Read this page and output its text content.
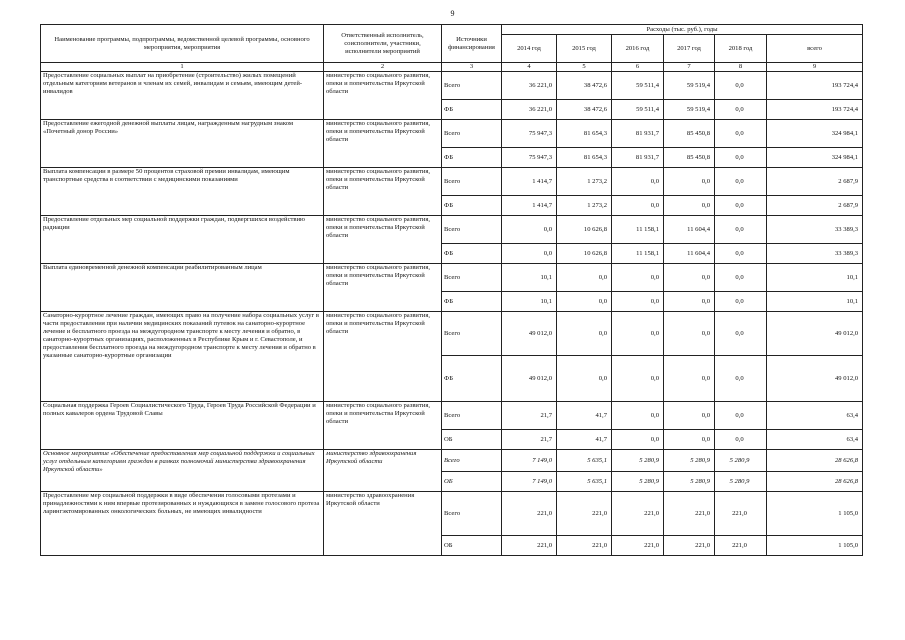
9
Наименование программы, подпрограммы, ведомственной целевой программы, основного мероприятия, мероприятия	Ответственный исполнитель, соисполнители, участники, исполнители мероприятий	Источники финансирования	Расходы (тыс. руб.), годы					
			2014 год	2015 год	2016 год	2017 год	2018 год	всего
1	2	3	4	5	6	7	8	9
Предоставление социальных выплат на приобретение (строительство) жилых помещений отдельным категориям ветеранов и членам их семей, инвалидам и семьям, имеющим детей-инвалидов	министерство социального развития, опеки и попечительства Иркутской области	Всего	36 221,0	38 472,6	59 511,4	59 519,4	0,0	193 724,4
		ФБ	36 221,0	38 472,6	59 511,4	59 519,4	0,0	193 724,4
Предоставление ежегодной денежной выплаты лицам, награжденным нагрудным знаком «Почетный донор России»	министерство социального развития, опеки и попечительства Иркутской области	Всего	75 947,3	81 654,3	81 931,7	85 450,8	0,0	324 984,1
		ФБ	75 947,3	81 654,3	81 931,7	85 450,8	0,0	324 984,1
Выплата компенсации в размере 50 процентов страховой премии инвалидам, имеющим транспортные средства в соответствии с медицинскими показаниями	министерство социального развития, опеки и попечительства Иркутской области	Всего	1 414,7	1 273,2	0,0	0,0	0,0	2 687,9
		ФБ	1 414,7	1 273,2	0,0	0,0	0,0	2 687,9
Предоставление отдельных мер социальной поддержки граждан, подвергшихся воздействию радиации	министерство социального развития, опеки и попечительства Иркутской области	Всего	0,0	10 626,8	11 158,1	11 604,4	0,0	33 389,3
		ФБ	0,0	10 626,8	11 158,1	11 604,4	0,0	33 389,3
Выплата единовременной денежной компенсации реабилитированным лицам	министерство социального развития, опеки и попечительства Иркутской области	Всего	10,1	0,0	0,0	0,0	0,0	10,1
		ФБ	10,1	0,0	0,0	0,0	0,0	10,1
Санаторно-курортное лечение граждан, имеющих право на получение набора социальных услуг в части предоставления при наличии медицинских показаний путевок на санаторно-курортное лечение и бесплатного проезда на междугородном транспорте к месту лечения и обратно, в санаторно-курортных организациях, расположенных в Республике Крым и г. Севастополе, и предоставления бесплатного проезда на междугородном транспорте к месту лечения и обратно в указанные санаторно-курортные организации	министерство социального развития, опеки и попечительства Иркутской области	Всего	49 012,0	0,0	0,0	0,0	0,0	49 012,0
		ФБ	49 012,0	0,0	0,0	0,0	0,0	49 012,0
Социальная поддержка Героев Социалистического Труда, Героев Труда Российской Федерации и полных кавалеров ордена Трудовой Славы	министерство социального развития, опеки и попечительства Иркутской области	Всего	21,7	41,7	0,0	0,0	0,0	63,4
		ОБ	21,7	41,7	0,0	0,0	0,0	63,4
Основное мероприятие «Обеспечение предоставления мер социальной поддержки и социальных услуг отдельным категориям граждан в рамках полномочий министерства здравоохранения Иркутской области»	министерство здравоохранения Иркутской области	Всего	7 149,0	5 635,1	5 280,9	5 280,9	5 280,9	28 626,8
		ОБ	7 149,0	5 635,1	5 280,9	5 280,9	5 280,9	28 626,8
Предоставление мер социальной поддержки в виде обеспечения голосовыми протезами и принадлежностями к ним впервые протезированных и нуждающихся в замене голосового протеза ларингэктомированных онкологических больных, не имеющих инвалидности	министерство здравоохранения Иркутской области	Всего	221,0	221,0	221,0	221,0	221,0	1 105,0
		ОБ	221,0	221,0	221,0	221,0	221,0	1 105,0
